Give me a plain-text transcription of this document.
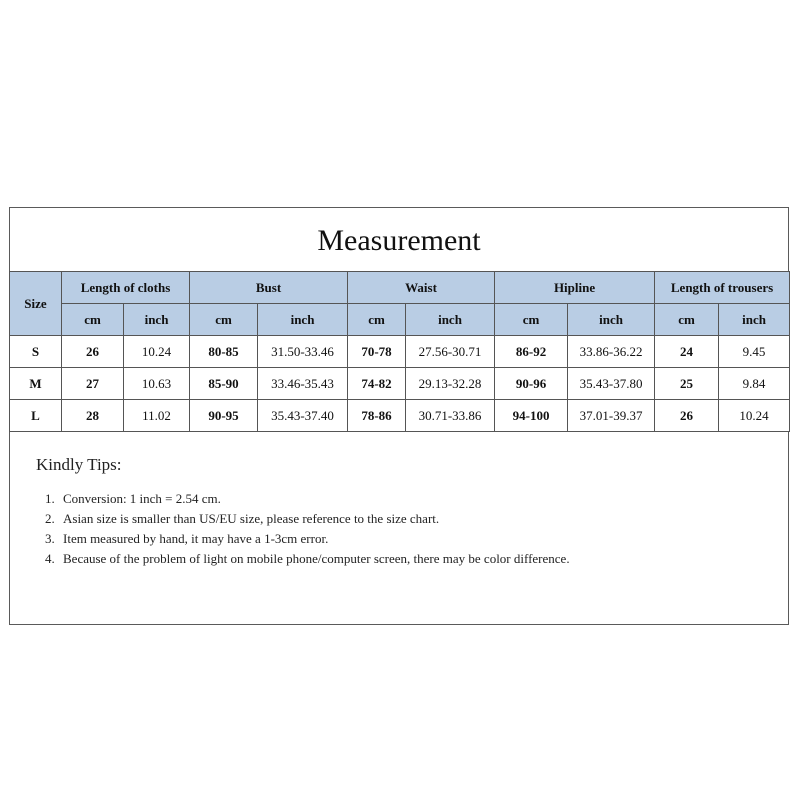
Measurement
Size	Length of cloths		Bust		Waist		Hipline		Length of trousers	
	cm	inch	cm	inch	cm	inch	cm	inch	cm	inch
S	26	10.24	80-85	31.50-33.46	70-78	27.56-30.71	86-92	33.86-36.22	24	9.45
M	27	10.63	85-90	33.46-35.43	74-82	29.13-32.28	90-96	35.43-37.80	25	9.84
L	28	11.02	90-95	35.43-37.40	78-86	30.71-33.86	94-100	37.01-39.37	26	10.24
Kindly Tips:
1. Conversion: 1 inch = 2.54 cm.
2. Asian size is smaller than US/EU size, please reference to the size chart.
3. Item measured by hand, it may have a 1-3cm error.
4. Because of the problem of light on mobile phone/computer screen, there may be color difference.
